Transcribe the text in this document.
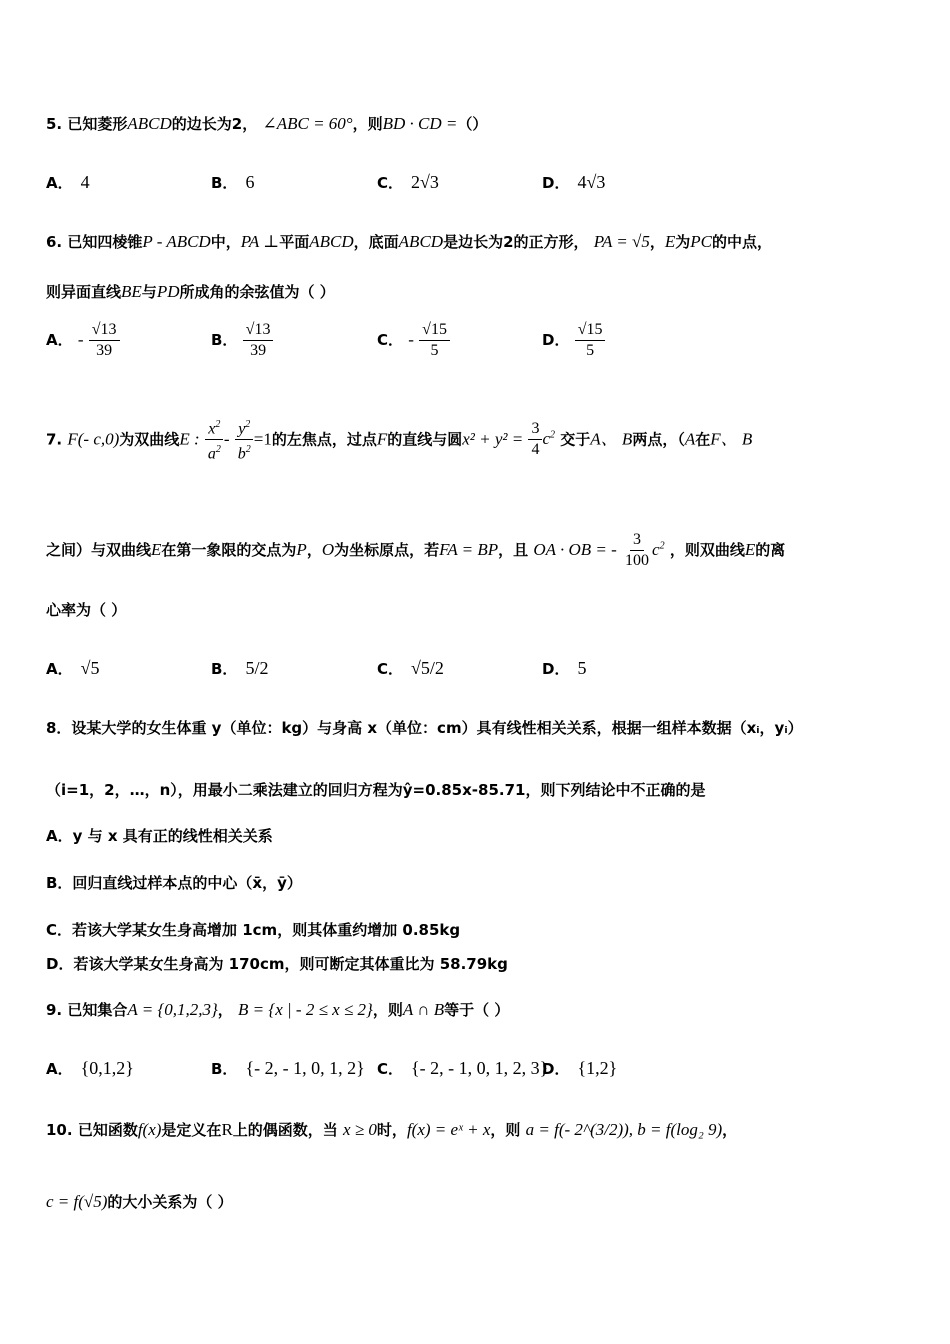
5. 已知菱形ABCD的边长为2， ∠ABC = 60°，则BD · CD =（）
A． 4	B． 6	C． 2√3	D． 4√3
6. 已知四棱锥P - ABCD中，PA ⊥平面ABCD，底面ABCD是边长为2的正方形， PA = √5，E为PC的中点，
则异面直线BE与PD所成角的余弦值为（ ）
A． - $\frac{√13}{39}$	B． $\frac{√13}{39}$	C． - $\frac{√15}{5}$	D． $\frac{√15}{5}$
7. F(- c,0)为双曲线E : $\frac{x^2}{a^2} - \frac{y^2}{b^2} =1$的左焦点，过点F的直线与圆$x^2 + y^2 = \frac{3}{4} c^2$ 交于A、 B两点，（A在F、 B
之间）与双曲线E在第一象限的交点为P，O为坐标原点，若FA = BP，且 OA · OB = - $\frac{3}{100} c^2$ ，则双曲线E的离
心率为（ ）
A． √5	B． 5/2	C． √5/2	D． 5
8．设某大学的女生体重 y（单位：kg）与身高 x（单位：cm）具有线性相关关系，根据一组样本数据（xᵢ，yᵢ）
（i=1，2，…，n），用最小二乘法建立的回归方程为ŷ=0.85x-85.71，则下列结论中不正确的是
A．y 与 x 具有正的线性相关关系
B．回归直线过样本点的中心（x̄，ȳ）
C．若该大学某女生身高增加 1cm，则其体重约增加 0.85kg
D．若该大学某女生身高为 170cm，则可断定其体重比为 58.79kg
9. 已知集合A = {0,1,2,3}， B = {x | - 2 ≤ x ≤ 2}，则A ∩ B等于（ ）
A． {0,1,2}	B． {- 2, - 1, 0, 1, 2} C． {- 2, - 1, 0, 1, 2, 3}
D． {1,2}
10. 已知函数f(x)是定义在R上的偶函数，当 x ≥ 0时，f(x) = eˣ + x，则 a = f(- 2^(3/2)), b = f(log₂ 9)，
c = f(√5)的大小关系为（ ）
